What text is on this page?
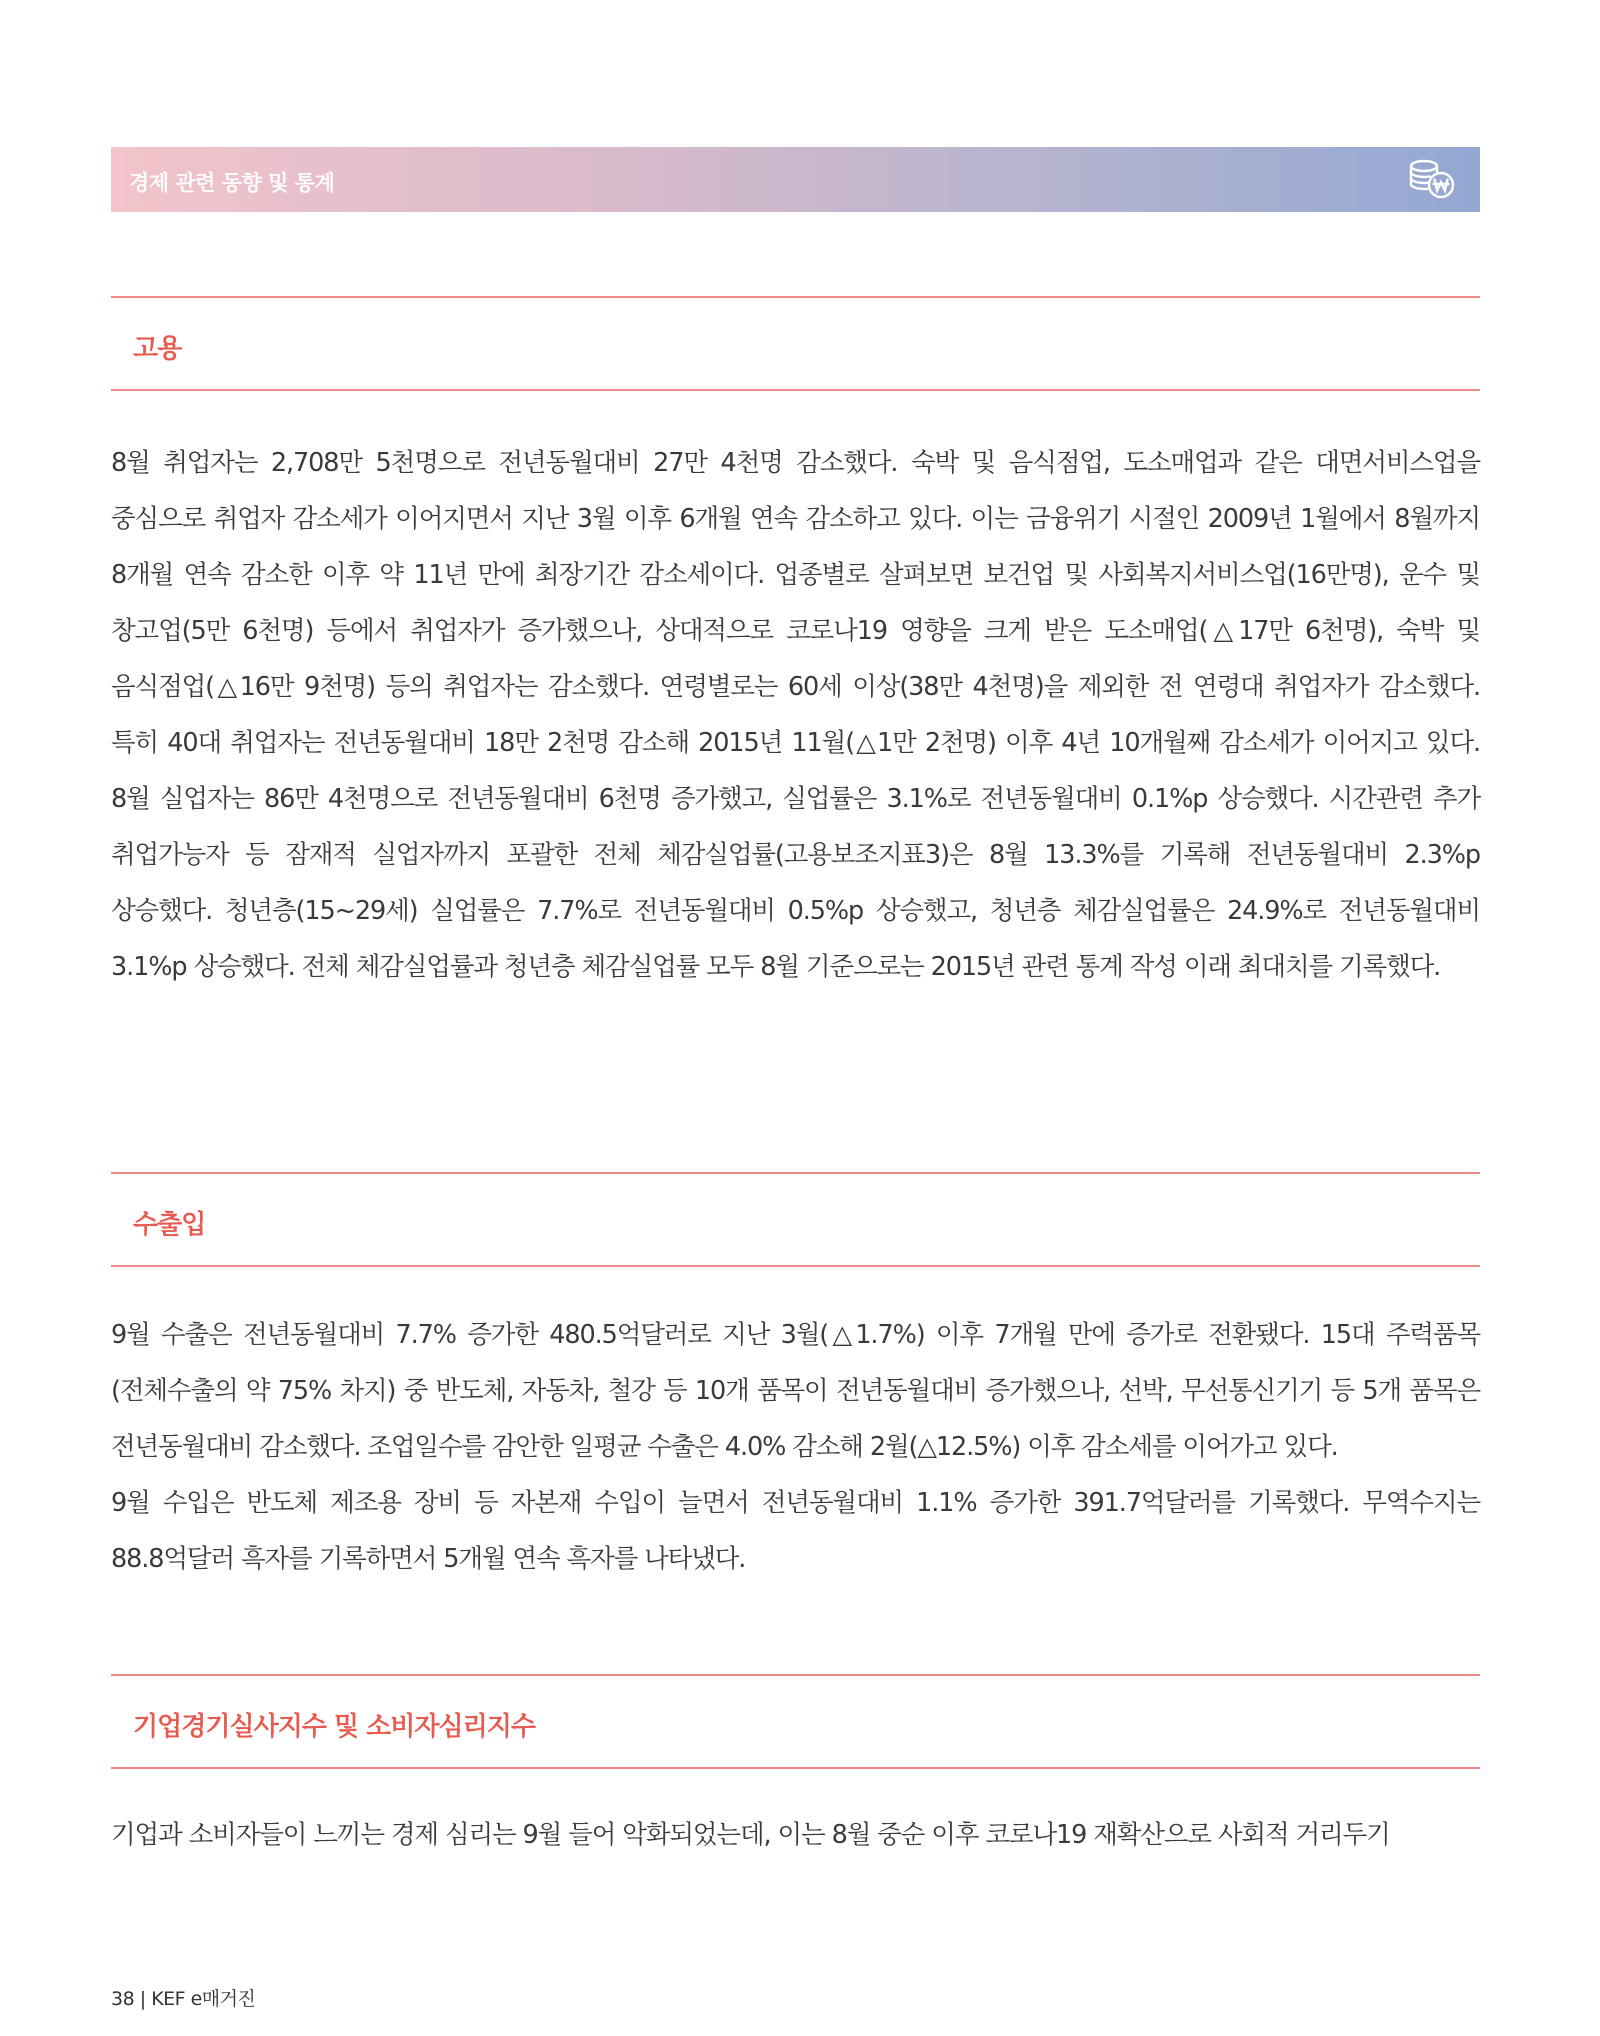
경제 관련 동향 및 통계
고용

8월 취업자는 2,708만 5천명으로 전년동월대비 27만 4천명 감소했다. 숙박 및 음식점업, 도소매업과 같은 대면서비스업을 중심으로 취업자 감소세가 이어지면서 지난 3월 이후 6개월 연속 감소하고 있다. 이는 금융위기 시절인 2009년 1월에서 8월까지 8개월 연속 감소한 이후 약 11년 만에 최장기간 감소세이다. 업종별로 살펴보면 보건업 및 사회복지서비스업(16만명), 운수 및 창고업(5만 6천명) 등에서 취업자가 증가했으나, 상대적으로 코로나19 영향을 크게 받은 도소매업(△17만 6천명), 숙박 및 음식점업(△16만 9천명) 등의 취업자는 감소했다. 연령별로는 60세 이상(38만 4천명)을 제외한 전 연령대 취업자가 감소했다. 특히 40대 취업자는 전년동월대비 18만 2천명 감소해 2015년 11월(△1만 2천명) 이후 4년 10개월째 감소세가 이어지고 있다. 8월 실업자는 86만 4천명으로 전년동월대비 6천명 증가했고, 실업률은 3.1%로 전년동월대비 0.1%p 상승했다. 시간관련 추가 취업가능자 등 잠재적 실업자까지 포괄한 전체 체감실업률(고용보조지표3)은 8월 13.3%를 기록해 전년동월대비 2.3%p 상승했다. 청년층(15~29세) 실업률은 7.7%로 전년동월대비 0.5%p 상승했고, 청년층 체감실업률은 24.9%로 전년동월대비 3.1%p 상승했다. 전체 체감실업률과 청년층 체감실업률 모두 8월 기준으로는 2015년 관련 통계 작성 이래 최대치를 기록했다.

수출입

9월 수출은 전년동월대비 7.7% 증가한 480.5억달러로 지난 3월(△1.7%) 이후 7개월 만에 증가로 전환됐다. 15대 주력품목(전체수출의 약 75% 차지) 중 반도체, 자동차, 철강 등 10개 품목이 전년동월대비 증가했으나, 선박, 무선통신기기 등 5개 품목은 전년동월대비 감소했다. 조업일수를 감안한 일평균 수출은 4.0% 감소해 2월(△12.5%) 이후 감소세를 이어가고 있다.

9월 수입은 반도체 제조용 장비 등 자본재 수입이 늘면서 전년동월대비 1.1% 증가한 391.7억달러를 기록했다. 무역수지는 88.8억달러 흑자를 기록하면서 5개월 연속 흑자를 나타냈다.

기업경기실사지수 및 소비자심리지수

기업과 소비자들이 느끼는 경제 심리는 9월 들어 악화되었는데, 이는 8월 중순 이후 코로나19 재확산으로 사회적 거리두기

38 | KEF e매거진
